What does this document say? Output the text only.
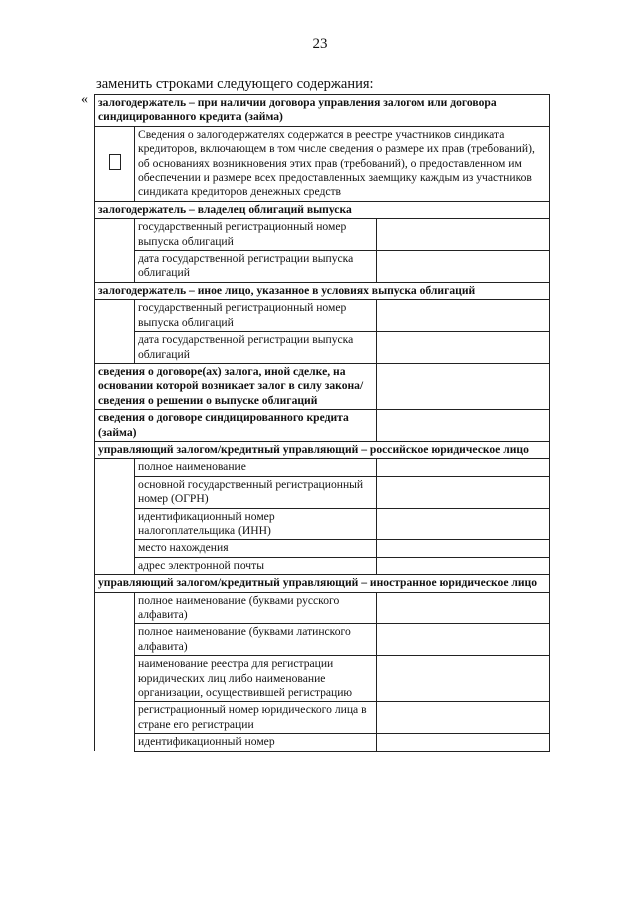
23
заменить строками следующего содержания:
« залогодержатель – при наличии договора управления залогом или договора синдицированного кредита (займа)		
	Сведения о залогодержателях содержатся в реестре участников синдиката кредиторов, включающем в том числе сведения о размере их прав (требований), об основаниях возникновения этих прав (требований), о предоставленном им обеспечении и размере всех предоставленных заемщику каждым из участников синдиката кредиторов денежных средств	
залогодержатель – владелец облигаций выпуска		
	государственный регистрационный номер выпуска облигаций	
	дата государственной регистрации выпуска облигаций	
залогодержатель – иное лицо, указанное в условиях выпуска облигаций		
	государственный регистрационный номер выпуска облигаций	
	дата государственной регистрации выпуска облигаций	
сведения о договоре(ах) залога, иной сделке, на основании которой возникает залог в силу закона/сведения о решении о выпуске облигаций		
сведения о договоре синдицированного кредита (займа)		
управляющий залогом/кредитный управляющий – российское юридическое лицо		
	полное наименование	
	основной государственный регистрационный номер (ОГРН)	
	идентификационный номер налогоплательщика (ИНН)	
	место нахождения	
	адрес электронной почты	
управляющий залогом/кредитный управляющий – иностранное юридическое лицо		
	полное наименование (буквами русского алфавита)	
	полное наименование (буквами латинского алфавита)	
	наименование реестра для регистрации юридических лиц либо наименование организации, осуществившей регистрацию	
	регистрационный номер юридического лица в стране его регистрации	
	идентификационный номер	
